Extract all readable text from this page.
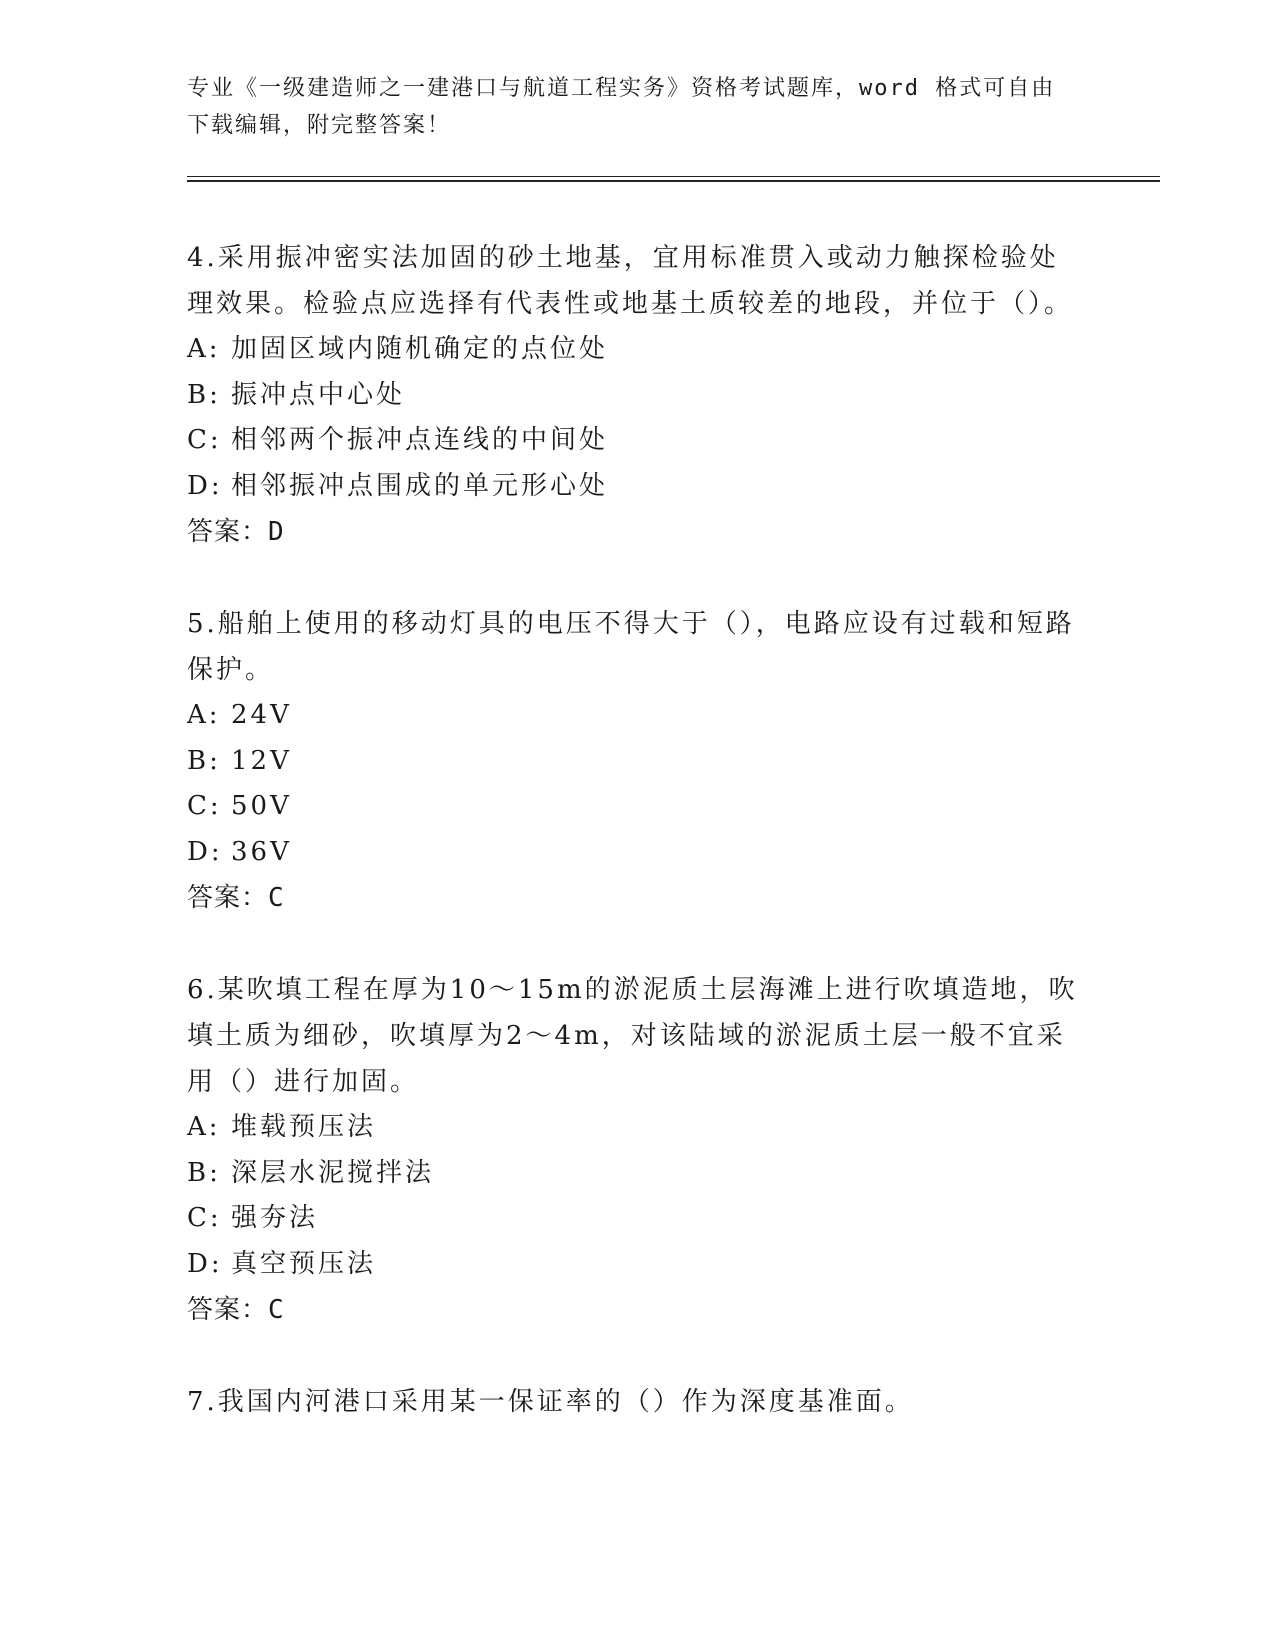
专业《一级建造师之一建港口与航道工程实务》资格考试题库，word 格式可自由
下载编辑，附完整答案！

4.采用振冲密实法加固的砂土地基，宜用标准贯入或动力触探检验处理效果。检验点应选择有代表性或地基土质较差的地段，并位于（）。

A: 加固区域内随机确定的点位处
B: 振冲点中心处
C: 相邻两个振冲点连线的中间处
D: 相邻振冲点围成的单元形心处
答案：D

5.船舶上使用的移动灯具的电压不得大于（），电路应设有过载和短路保护。

A: 24V
B: 12V
C: 50V
D: 36V
答案：C

6.某吹填工程在厚为10～15m的淤泥质土层海滩上进行吹填造地，吹填土质为细砂，吹填厚为2～4m，对该陆域的淤泥质土层一般不宜采用（）进行加固。

A: 堆载预压法
B: 深层水泥搅拌法
C: 强夯法
D: 真空预压法
答案：C

7.我国内河港口采用某一保证率的（）作为深度基准面。
